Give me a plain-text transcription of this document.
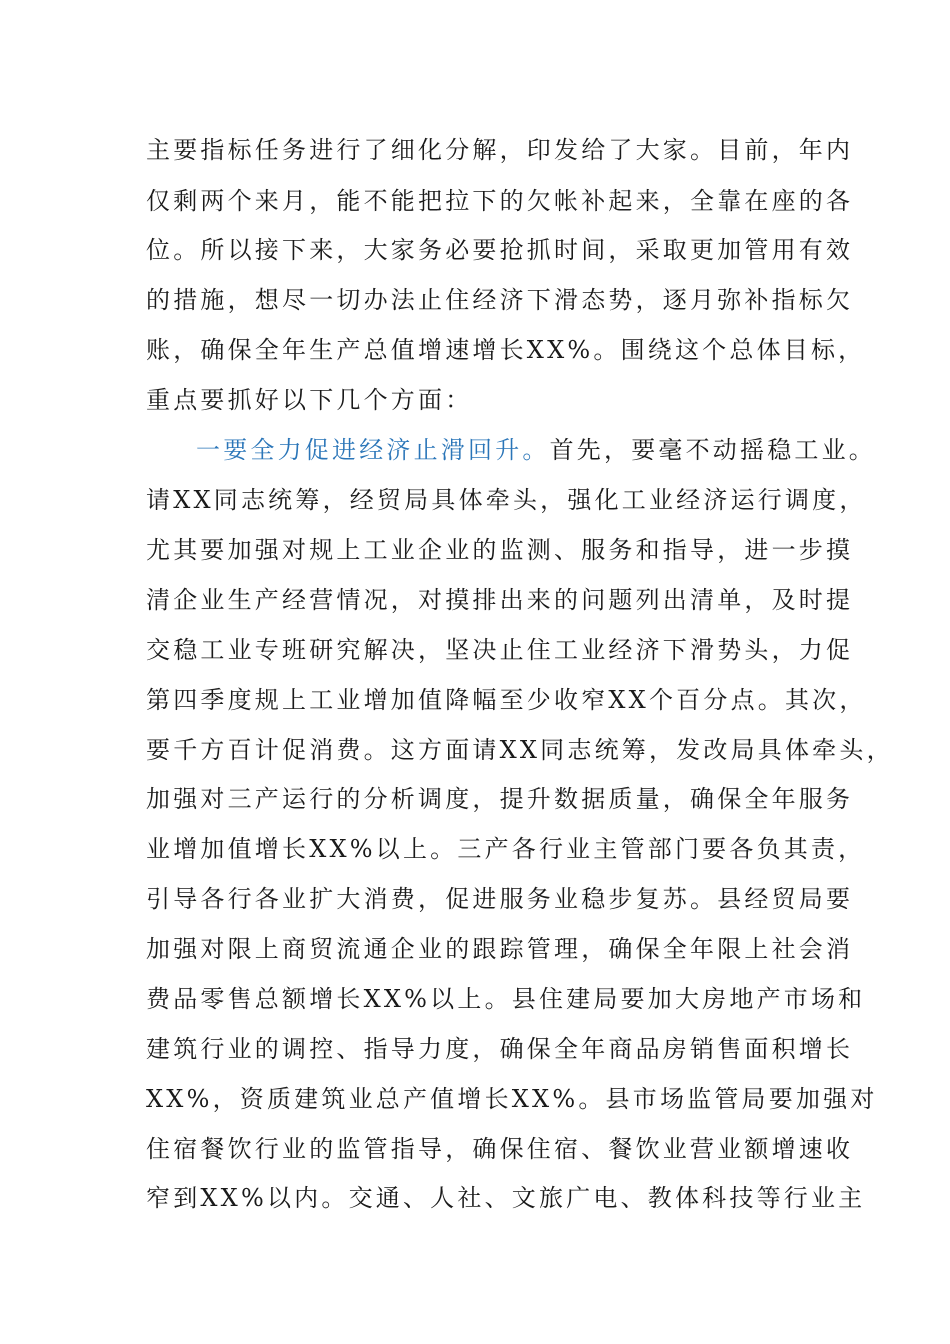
主要指标任务进行了细化分解，印发给了大家。目前，年内
仅剩两个来月，能不能把拉下的欠帐补起来，全靠在座的各
位。所以接下来，大家务必要抢抓时间，采取更加管用有效
的措施，想尽一切办法止住经济下滑态势，逐月弥补指标欠
账，确保全年生产总值增速增长XX%。围绕这个总体目标，
重点要抓好以下几个方面：
一要全力促进经济止滑回升。首先，要毫不动摇稳工业。
请XX同志统筹，经贸局具体牵头，强化工业经济运行调度，
尤其要加强对规上工业企业的监测、服务和指导，进一步摸
清企业生产经营情况，对摸排出来的问题列出清单，及时提
交稳工业专班研究解决，坚决止住工业经济下滑势头，力促
第四季度规上工业增加值降幅至少收窄XX个百分点。其次，
要千方百计促消费。这方面请XX同志统筹，发改局具体牵头，
加强对三产运行的分析调度，提升数据质量，确保全年服务
业增加值增长XX%以上。三产各行业主管部门要各负其责，
引导各行各业扩大消费，促进服务业稳步复苏。县经贸局要
加强对限上商贸流通企业的跟踪管理，确保全年限上社会消
费品零售总额增长XX%以上。县住建局要加大房地产市场和
建筑行业的调控、指导力度，确保全年商品房销售面积增长
XX%，资质建筑业总产值增长XX%。县市场监管局要加强对
住宿餐饮行业的监管指导，确保住宿、餐饮业营业额增速收
窄到XX%以内。交通、人社、文旅广电、教体科技等行业主
